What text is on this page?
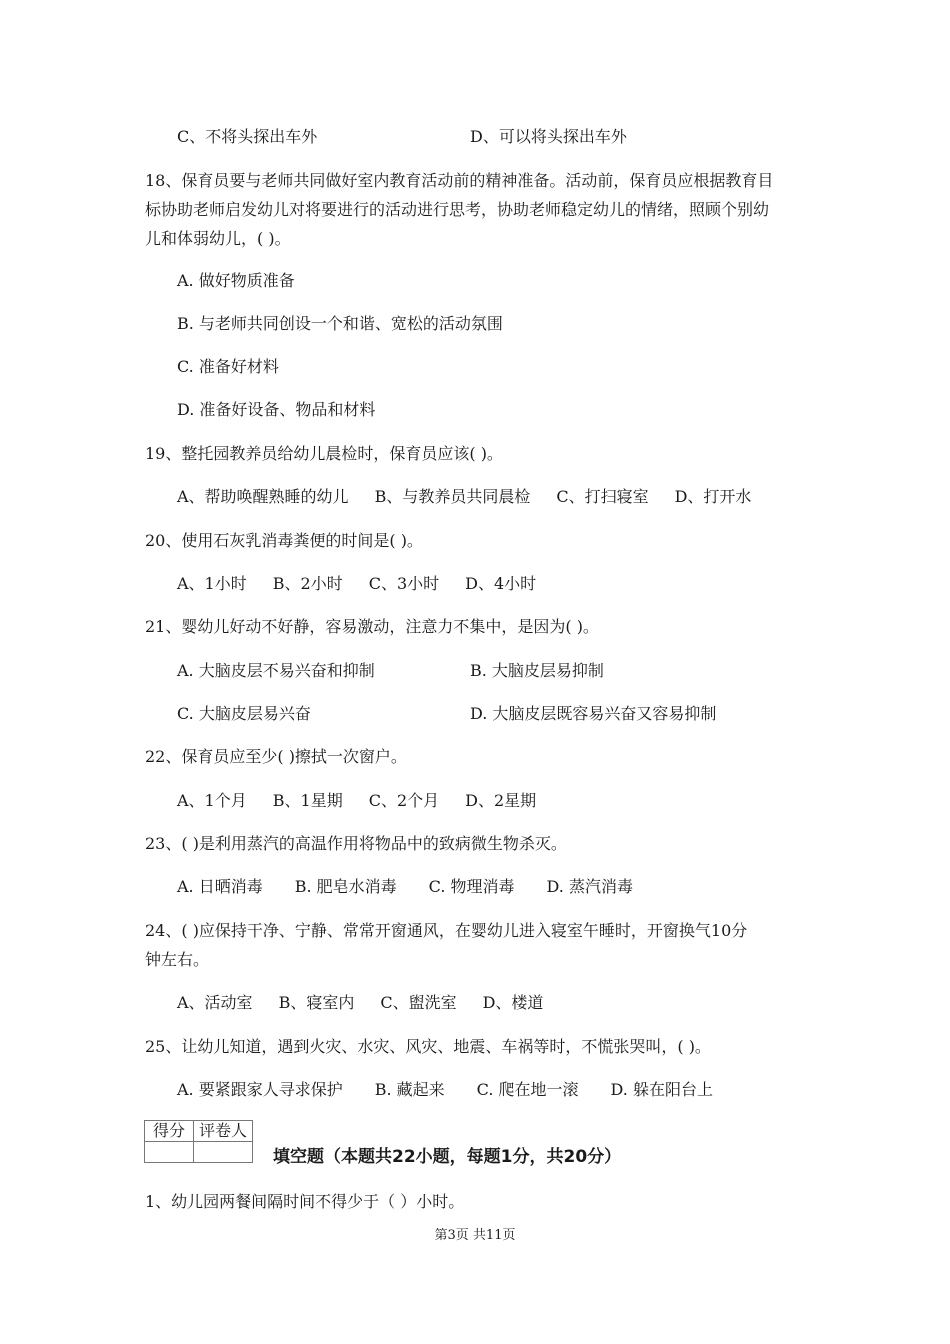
C、不将头探出车外	D、可以将头探出车外
18、保育员要与老师共同做好室内教育活动前的精神准备。活动前，保育员应根据教育目
标协助老师启发幼儿对将要进行的活动进行思考，协助老师稳定幼儿的情绪，照顾个别幼
儿和体弱幼儿，( )。
A. 做好物质准备
B. 与老师共同创设一个和谐、宽松的活动氛围
C. 准备好材料
D. 准备好设备、物品和材料
19、整托园教养员给幼儿晨检时，保育员应该( )。
A、帮助唤醒熟睡的幼儿 B、与教养员共同晨检 C、打扫寝室 D、打开水
20、使用石灰乳消毒粪便的时间是( )。
A、1小时 B、2小时 C、3小时 D、4小时
21、婴幼儿好动不好静，容易激动，注意力不集中，是因为( )。
A. 大脑皮层不易兴奋和抑制	B. 大脑皮层易抑制
C. 大脑皮层易兴奋	D. 大脑皮层既容易兴奋又容易抑制
22、保育员应至少( )擦拭一次窗户。
A、1个月 B、1星期 C、2个月 D、2星期
23、( )是利用蒸汽的高温作用将物品中的致病微生物杀灭。
A. 日晒消毒 B. 肥皂水消毒 C. 物理消毒 D. 蒸汽消毒
24、( )应保持干净、宁静、常常开窗通风，在婴幼儿进入寝室午睡时，开窗换气10分
钟左右。
A、活动室 B、寝室内 C、盥洗室 D、楼道
25、让幼儿知道，遇到火灾、水灾、风灾、地震、车祸等时，不慌张哭叫，( )。
A. 要紧跟家人寻求保护 B. 藏起来 C. 爬在地一滚 D. 躲在阳台上
得分	评卷人

填空题（本题共22小题，每题1分，共20分）
1、幼儿园两餐间隔时间不得少于（ ）小时。
第3页 共11页
